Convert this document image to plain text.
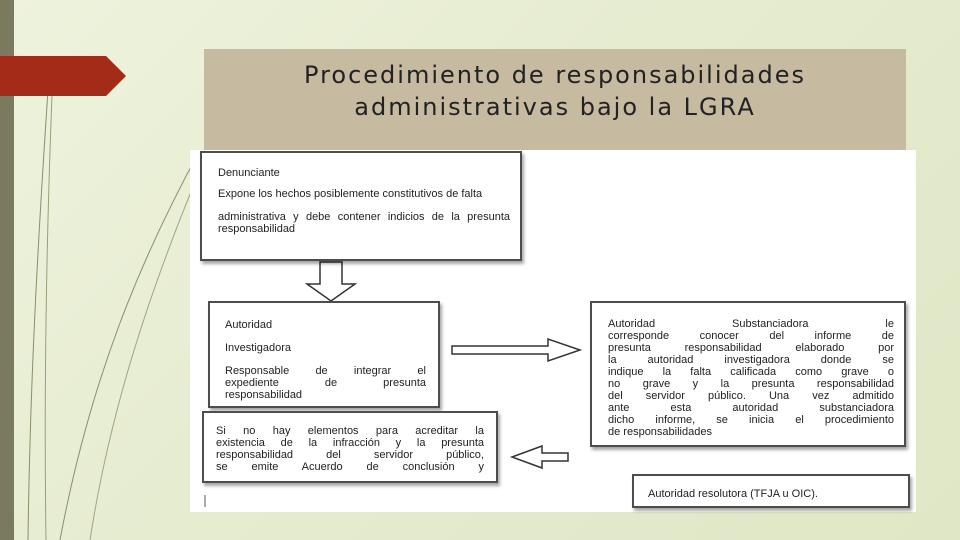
Procedimiento de responsabilidades
administrativas bajo la LGRA

Denunciante

Expone los hechos posiblemente constitutivos de falta

administrativa y debe contener indicios de la presunta

responsabilidad

Autoridad

Investigadora

Responsable de integrar el

expediente de presunta

responsabilidad

Autoridad Substanciadora le

corresponde conocer del informe de

presunta responsabilidad elaborado por

la autoridad investigadora donde se

indique la falta calificada como grave o

no grave y la presunta responsabilidad

del servidor público. Una vez admitido

ante esta autoridad substanciadora

dicho informe, se inicia el procedimiento

de responsabilidades

Si no hay elementos para acreditar la

existencia de la infracción y la presunta

responsabilidad del servidor público,

se emite Acuerdo de conclusión y

Autoridad resolutora (TFJA u OIC).
